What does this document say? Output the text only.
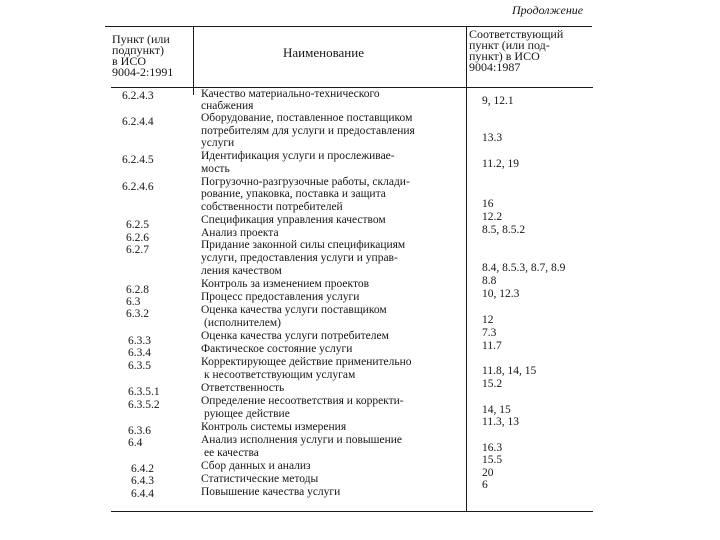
Продолжение
Пункт (или
подпункт)
в ИСО
9004-2:1991
Наименование
Соответствующий
пункт (или под-
пункт) в ИСО
9004:1987
6.2.4.3
6.2.4.4
6.2.4.5
6.2.4.6
6.2.5
6.2.6
6.2.7
6.2.8
6.3
6.3.2
6.3.3
6.3.4
6.3.5
6.3.5.1
6.3.5.2
6.3.6
6.4
6.4.2
6.4.3
6.4.4
Качество материально-технического
снабжения
Оборудование, поставленное поставщиком
потребителям для услуги и предоставления
услуги
Идентификация услуги и прослеживае-
мость
Погрузочно-разгрузочные работы, склади-
рование, упаковка, поставка и защита
собственности потребителей
Спецификация управления качеством
Анализ проекта
Придание законной силы спецификациям
услуги, предоставления услуги и управ-
ления качеством
Контроль за изменением проектов
Процесс предоставления услуги
Оценка качества услуги поставщиком
(исполнителем)
Оценка качества услуги потребителем
Фактическое состояние услуги
Корректирующее действие применительно
к несоответствующим услугам
Ответственность
Определение несоответствия и корректи-
рующее действие
Контроль системы измерения
Анализ исполнения услуги и повышение
ее качества
Сбор данных и анализ
Статистические методы
Повышение качества услуги
9, 12.1
13.3
11.2, 19
16
12.2
8.5, 8.5.2
8.4, 8.5.3, 8.7, 8.9
8.8
10, 12.3
12
7.3
11.7
11.8, 14, 15
15.2
14, 15
11.3, 13
16.3
15.5
20
6
